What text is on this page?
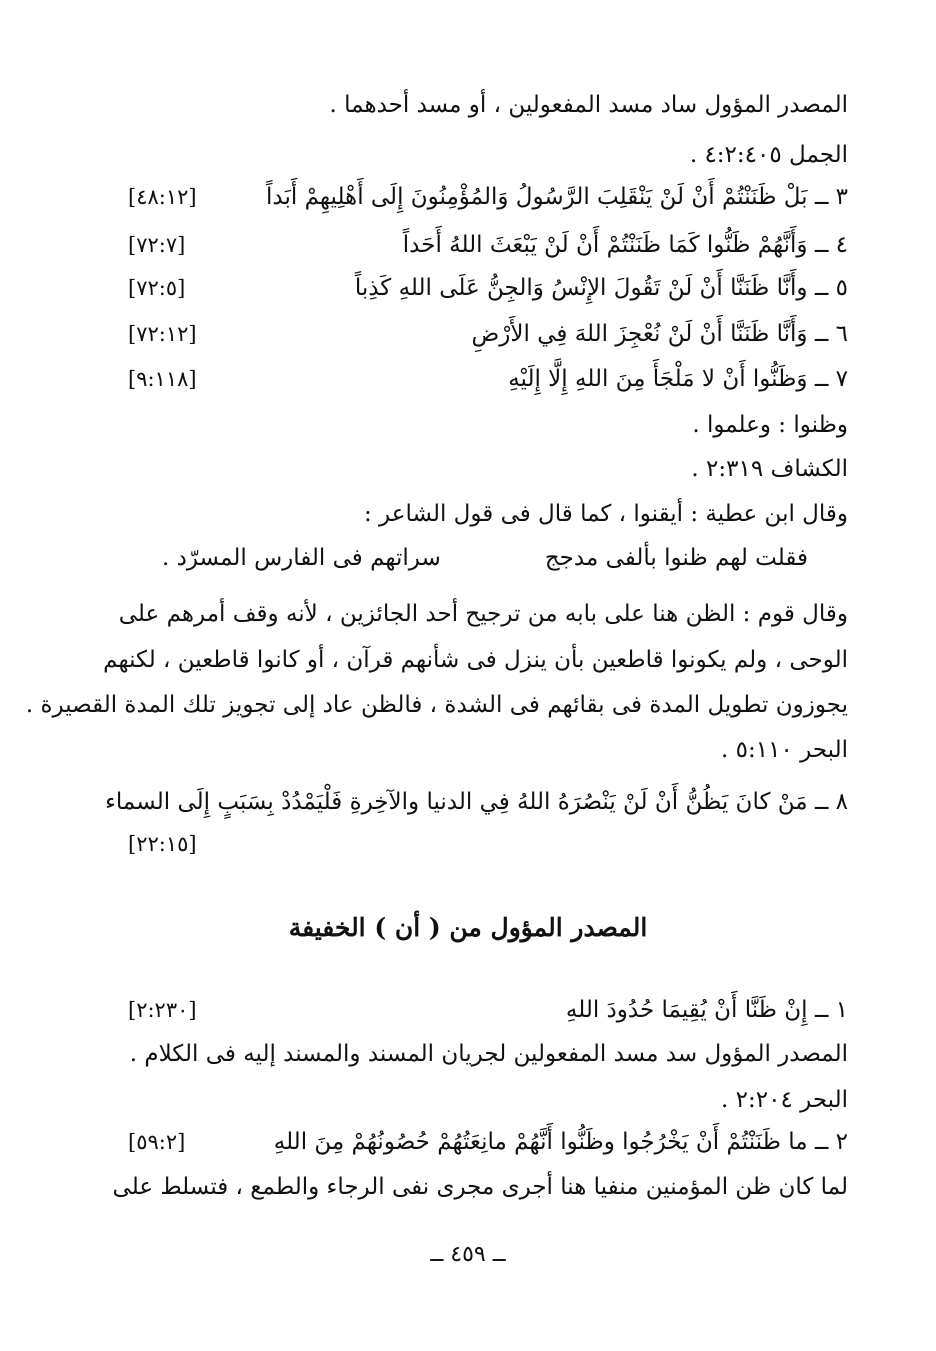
المصدر المؤول ساد مسد المفعولين ، أو مسد أحدهما .
الجمل ٤:٢:٤٠٥ .
٣ ــ بَلْ ظَنَنْتُمْ أَنْ لَنْ يَنْقَلِبَ الرَّسُولُ وَالمُؤْمِنُونَ إِلَى أَهْلِيهِمْ أَبَداً
[٤٨:١٢]
٤ ــ وَأَنَّهُمْ ظَنُّوا كَمَا ظَنَنْتُمْ أَنْ لَنْ يَبْعَثَ اللهُ أَحَداً
[٧٢:٧]
٥ ــ وأَنَّا ظَنَنَّا أَنْ لَنْ تَقُولَ الإِنْسُ وَالجِنُّ عَلَى اللهِ كَذِباً
[٧٢:٥]
٦ ــ وَأَنَّا ظَنَنَّا أَنْ لَنْ نُعْجِزَ اللهَ فِي الأَرْضِ
[٧٢:١٢]
٧ ــ وَظَنُّوا أَنْ لا مَلْجَأَ مِنَ اللهِ إِلَّا إِلَيْهِ
[٩:١١٨]
وظنوا : وعلموا .
الكشاف ٢:٣١٩ .
وقال ابن عطية : أيقنوا ، كما قال فى قول الشاعر :
فقلت لهم ظنوا بألفى مدجج
سراتهم فى الفارس المسرّد .
وقال قوم : الظن هنا على بابه من ترجيح أحد الجائزين ، لأنه وقف أمرهم على
الوحى ، ولم يكونوا قاطعين بأن ينزل فى شأنهم قرآن ، أو كانوا قاطعين ، لكنهم
يجوزون تطويل المدة فى بقائهم فى الشدة ، فالظن عاد إلى تجويز تلك المدة القصيرة .
البحر ٥:١١٠ .
٨ ــ مَنْ كانَ يَظُنُّ أَنْ لَنْ يَنْصُرَهُ اللهُ فِي الدنيا والآخِرةِ فَلْيَمْدُدْ بِسَبَبٍ إِلَى السماء
[٢٢:١٥]
المصدر المؤول من ( أن ) الخفيفة
١ ــ إِنْ ظَنَّا أَنْ يُقِيمَا حُدُودَ اللهِ
[٢:٢٣٠]
المصدر المؤول سد مسد المفعولين لجريان المسند والمسند إليه فى الكلام .
البحر ٢:٢٠٤ .
٢ ــ ما ظَنَنْتُمْ أَنْ يَخْرُجُوا وظَنُّوا أَنَّهُمْ مانِعَتُهُمْ حُصُونُهُمْ مِنَ اللهِ
[٥٩:٢]
لما كان ظن المؤمنين منفيا هنا أجرى مجرى نفى الرجاء والطمع ، فتسلط على
ــ ٤٥٩ ــ
